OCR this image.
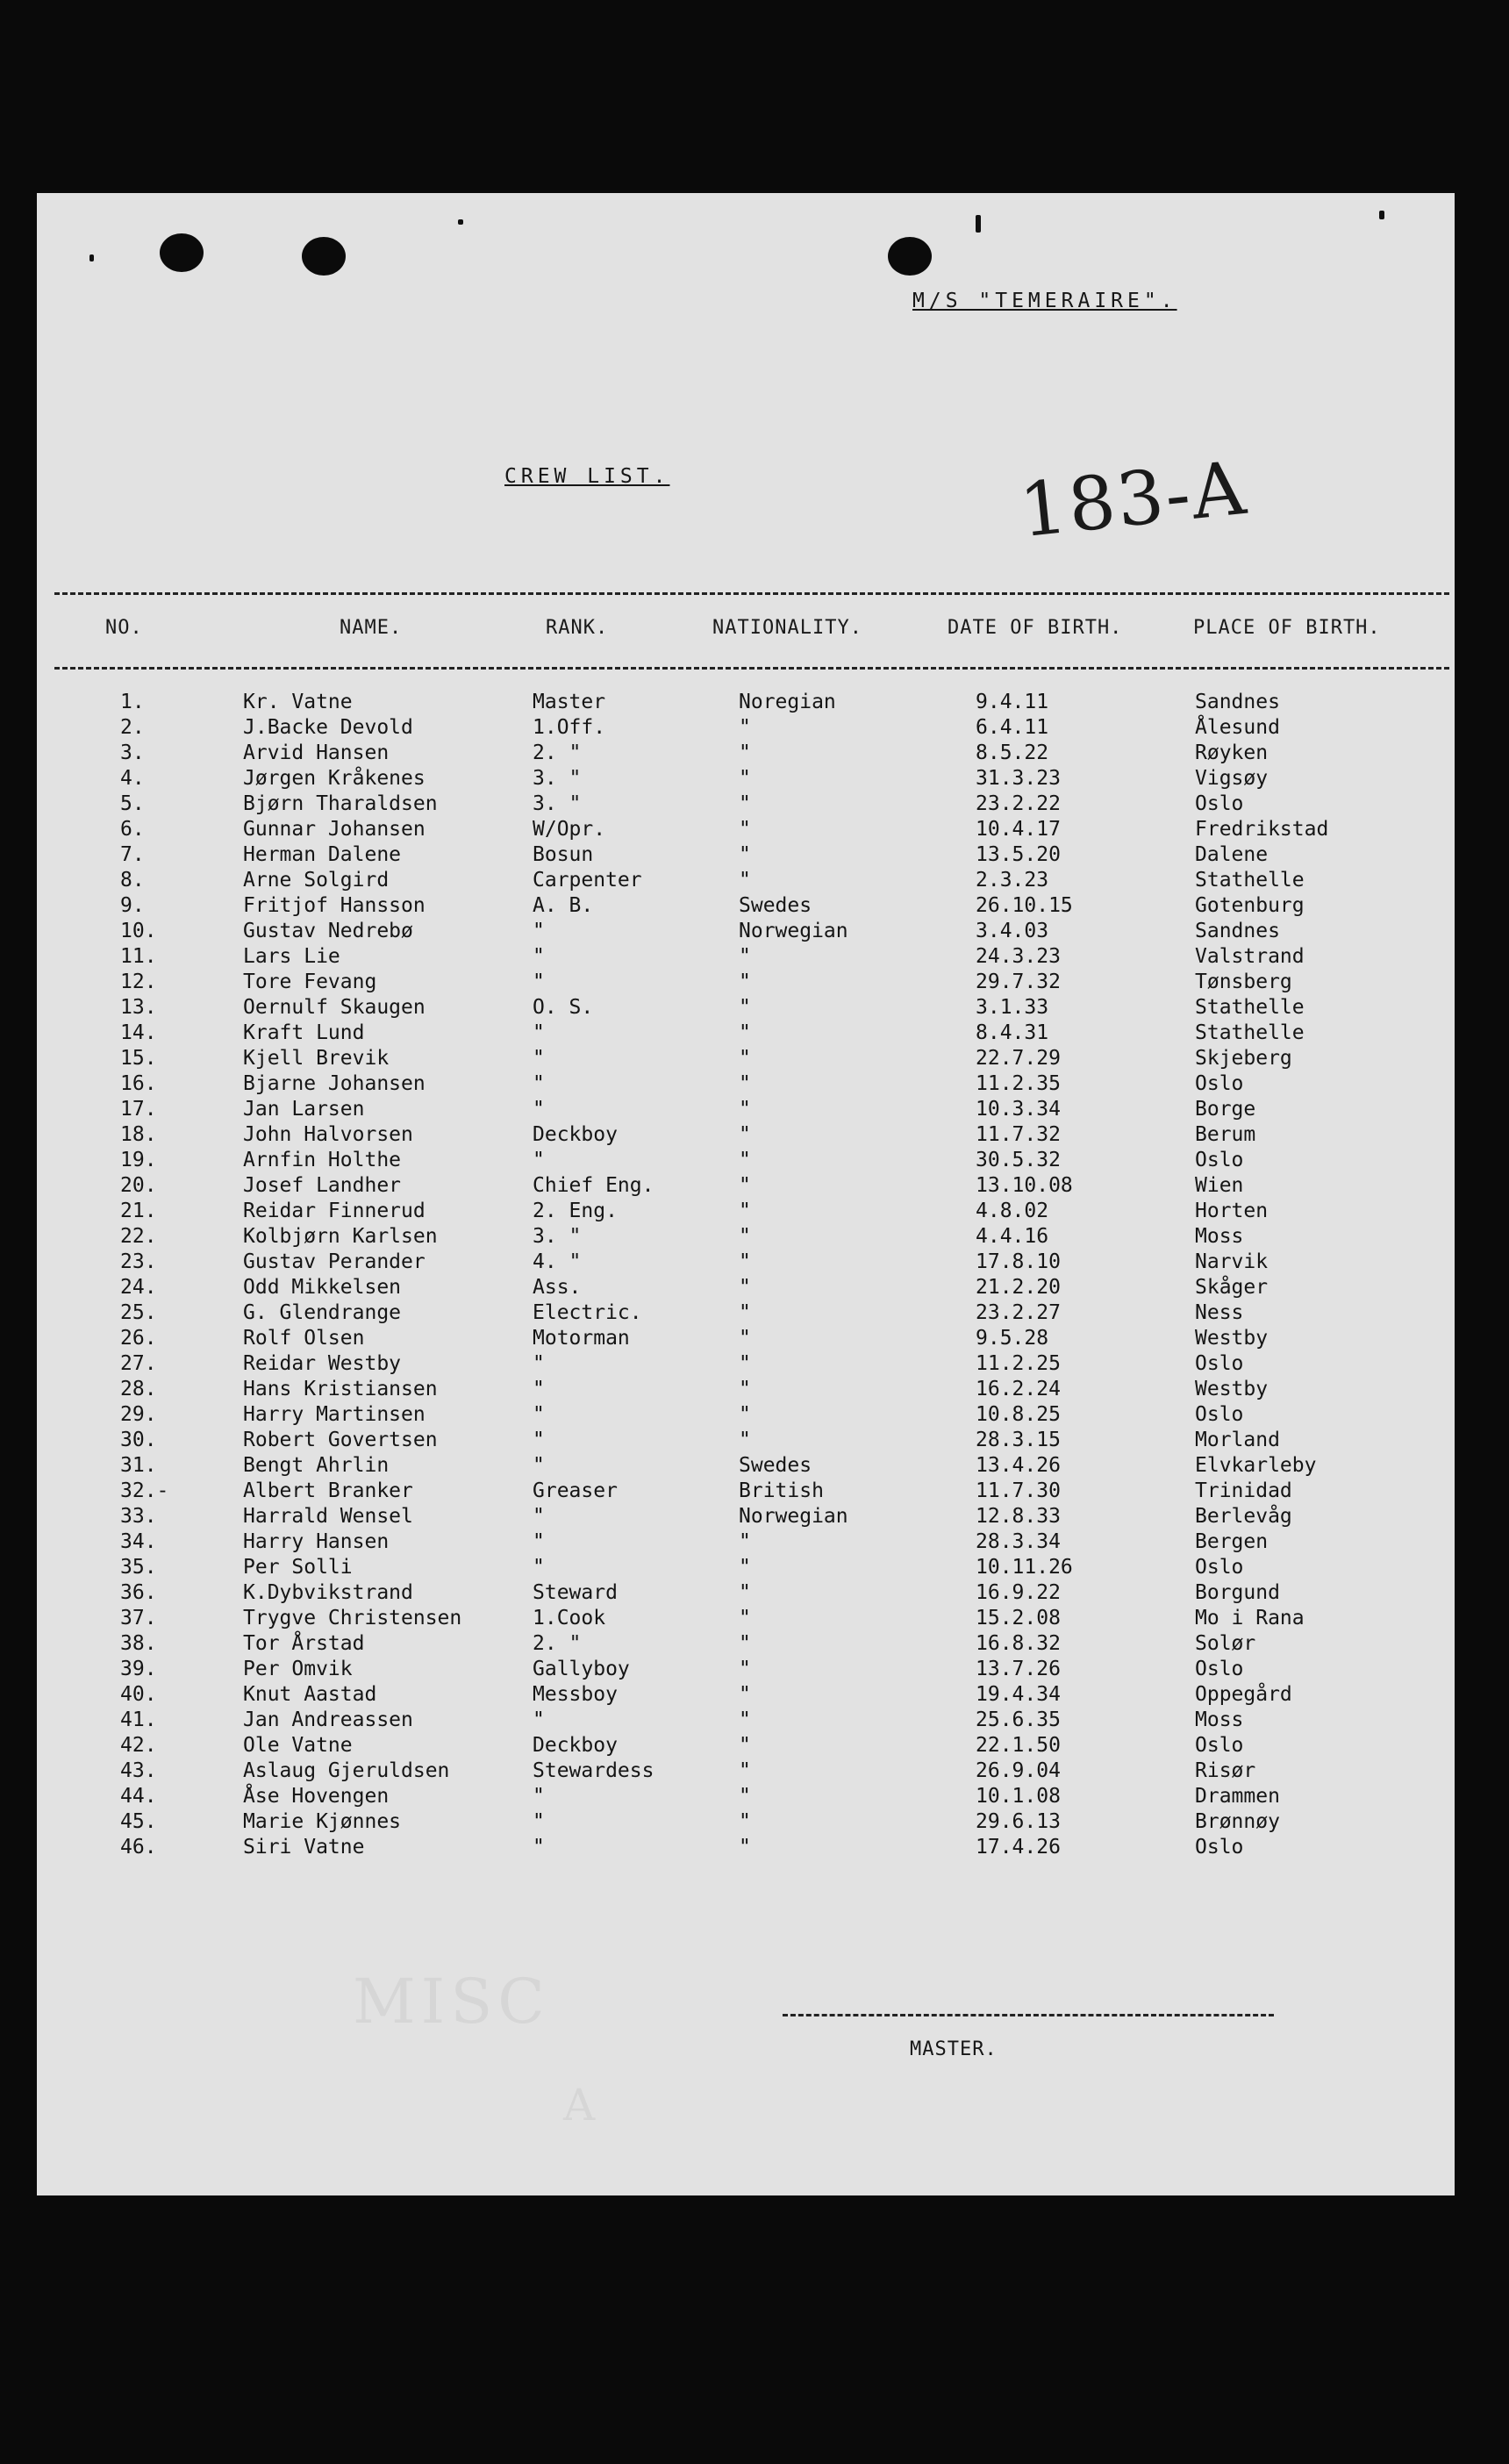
M/S "TEMERAIRE".
CREW LIST.	183-A
NO.	NAME.	RANK.	NATIONALITY.	DATE OF BIRTH.	PLACE OF BIRTH.
1.	Kr. Vatne	Master	Noregian	9.4.11	Sandnes
2.	J.Backe Devold	1.Off.	"	6.4.11	Ålesund
3.	Arvid Hansen	2. "	"	8.5.22	Røyken
4.	Jørgen Kråkenes	3. "	"	31.3.23	Vigsøy
5.	Bjørn Tharaldsen	3. "	"	23.2.22	Oslo
6.	Gunnar Johansen	W/Opr.	"	10.4.17	Fredrikstad
7.	Herman Dalene	Bosun	"	13.5.20	Dalene
8.	Arne Solgird	Carpenter	"	2.3.23	Stathelle
9.	Fritjof Hansson	A. B.	Swedes	26.10.15	Gotenburg
10.	Gustav Nedrebø	"	Norwegian	3.4.03	Sandnes
11.	Lars Lie	"	"	24.3.23	Valstrand
12.	Tore Fevang	"	"	29.7.32	Tønsberg
13.	Oernulf Skaugen	O. S.	"	3.1.33	Stathelle
14.	Kraft Lund	"	"	8.4.31	Stathelle
15.	Kjell Brevik	"	"	22.7.29	Skjeberg
16.	Bjarne Johansen	"	"	11.2.35	Oslo
17.	Jan Larsen	"	"	10.3.34	Borge
18.	John Halvorsen	Deckboy	"	11.7.32	Berum
19.	Arnfin Holthe	"	"	30.5.32	Oslo
20.	Josef Landher	Chief Eng.	"	13.10.08	Wien
21.	Reidar Finnerud	2. Eng.	"	4.8.02	Horten
22.	Kolbjørn Karlsen	3. "	"	4.4.16	Moss
23.	Gustav Perander	4. "	"	17.8.10	Narvik
24.	Odd Mikkelsen	Ass.	"	21.2.20	Skåger
25.	G. Glendrange	Electric.	"	23.2.27	Ness
26.	Rolf Olsen	Motorman	"	9.5.28	Westby
27.	Reidar Westby	"	"	11.2.25	Oslo
28.	Hans Kristiansen	"	"	16.2.24	Westby
29.	Harry Martinsen	"	"	10.8.25	Oslo
30.	Robert Govertsen	"	"	28.3.15	Morland
31.	Bengt Ahrlin	"	Swedes	13.4.26	Elvkarleby
32.-	Albert Branker	Greaser	British	11.7.30	Trinidad
33.	Harrald Wensel	"	Norwegian	12.8.33	Berlevåg
34.	Harry Hansen	"	"	28.3.34	Bergen
35.	Per Solli	"	"	10.11.26	Oslo
36.	K.Dybvikstrand	Steward	"	16.9.22	Borgund
37.	Trygve Christensen	1.Cook	"	15.2.08	Mo i Rana
38.	Tor Årstad	2. "	"	16.8.32	Solør
39.	Per Omvik	Gallyboy	"	13.7.26	Oslo
40.	Knut Aastad	Messboy	"	19.4.34	Oppegård
41.	Jan Andreassen	"	"	25.6.35	Moss
42.	Ole Vatne	Deckboy	"	22.1.50	Oslo
43.	Aslaug Gjeruldsen	Stewardess	"	26.9.04	Risør
44.	Åse Hovengen	"	"	10.1.08	Drammen
45.	Marie Kjønnes	"	"	29.6.13	Brønnøy
46.	Siri Vatne	"	"	17.4.26	Oslo
MISC
A
MASTER.
